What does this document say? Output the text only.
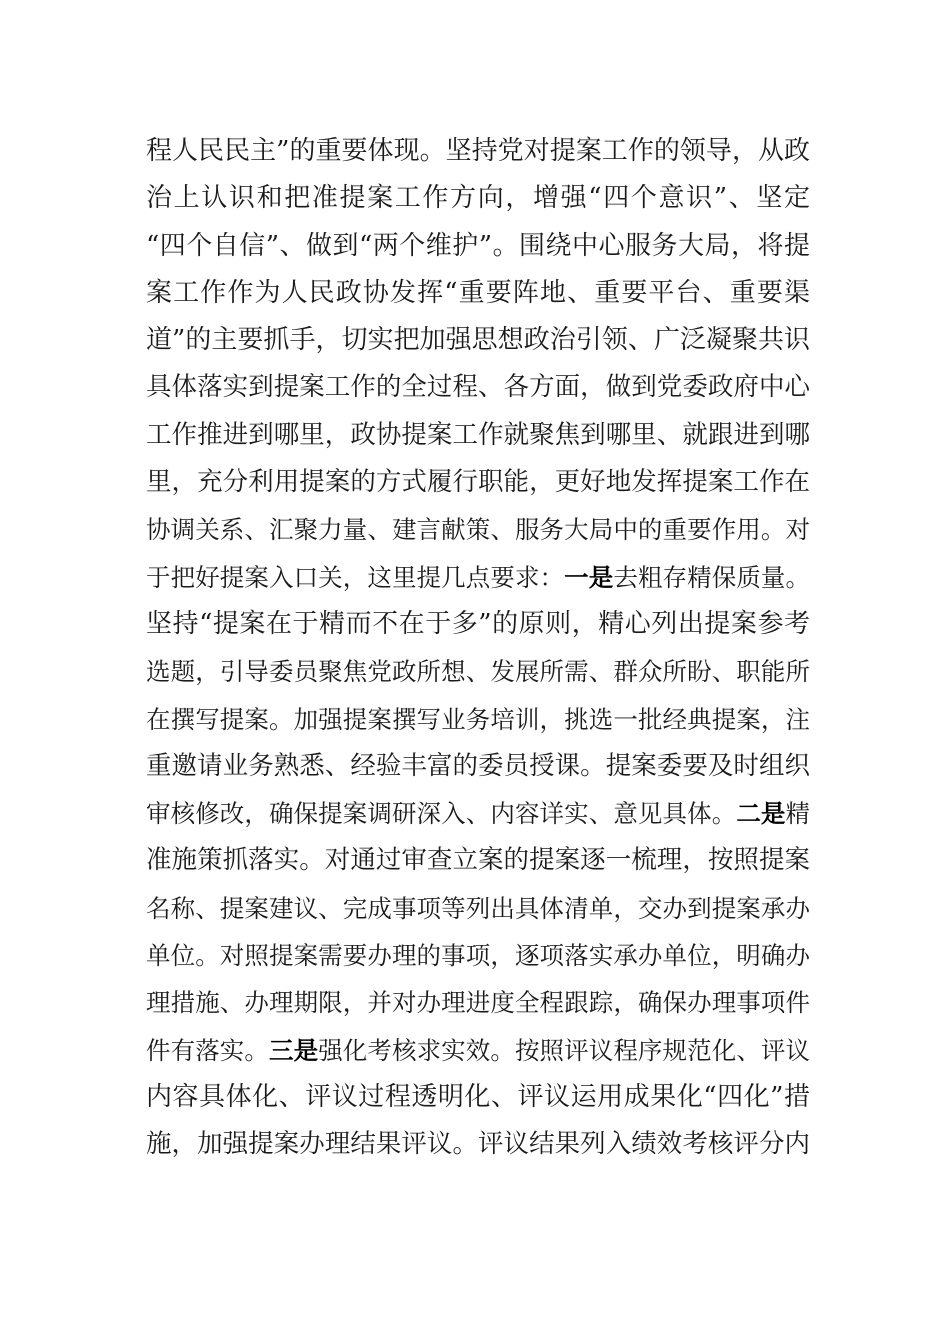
程人民民主”的重要体现。坚持党对提案工作的领导，从政
治上认识和把准提案工作方向，增强“四个意识”、坚定
“四个自信”、做到“两个维护”。围绕中心服务大局，将提
案工作作为人民政协发挥“重要阵地、重要平台、重要渠
道”的主要抓手，切实把加强思想政治引领、广泛凝聚共识
具体落实到提案工作的全过程、各方面，做到党委政府中心
工作推进到哪里，政协提案工作就聚焦到哪里、就跟进到哪
里，充分利用提案的方式履行职能，更好地发挥提案工作在
协调关系、汇聚力量、建言献策、服务大局中的重要作用。对
于把好提案入口关，这里提几点要求：一是去粗存精保质量。
坚持“提案在于精而不在于多”的原则，精心列出提案参考
选题，引导委员聚焦党政所想、发展所需、群众所盼、职能所
在撰写提案。加强提案撰写业务培训，挑选一批经典提案，注
重邀请业务熟悉、经验丰富的委员授课。提案委要及时组织
审核修改，确保提案调研深入、内容详实、意见具体。二是精
准施策抓落实。对通过审查立案的提案逐一梳理，按照提案
名称、提案建议、完成事项等列出具体清单，交办到提案承办
单位。对照提案需要办理的事项，逐项落实承办单位，明确办
理措施、办理期限，并对办理进度全程跟踪，确保办理事项件
件有落实。三是强化考核求实效。按照评议程序规范化、评议
内容具体化、评议过程透明化、评议运用成果化“四化”措
施，加强提案办理结果评议。评议结果列入绩效考核评分内
